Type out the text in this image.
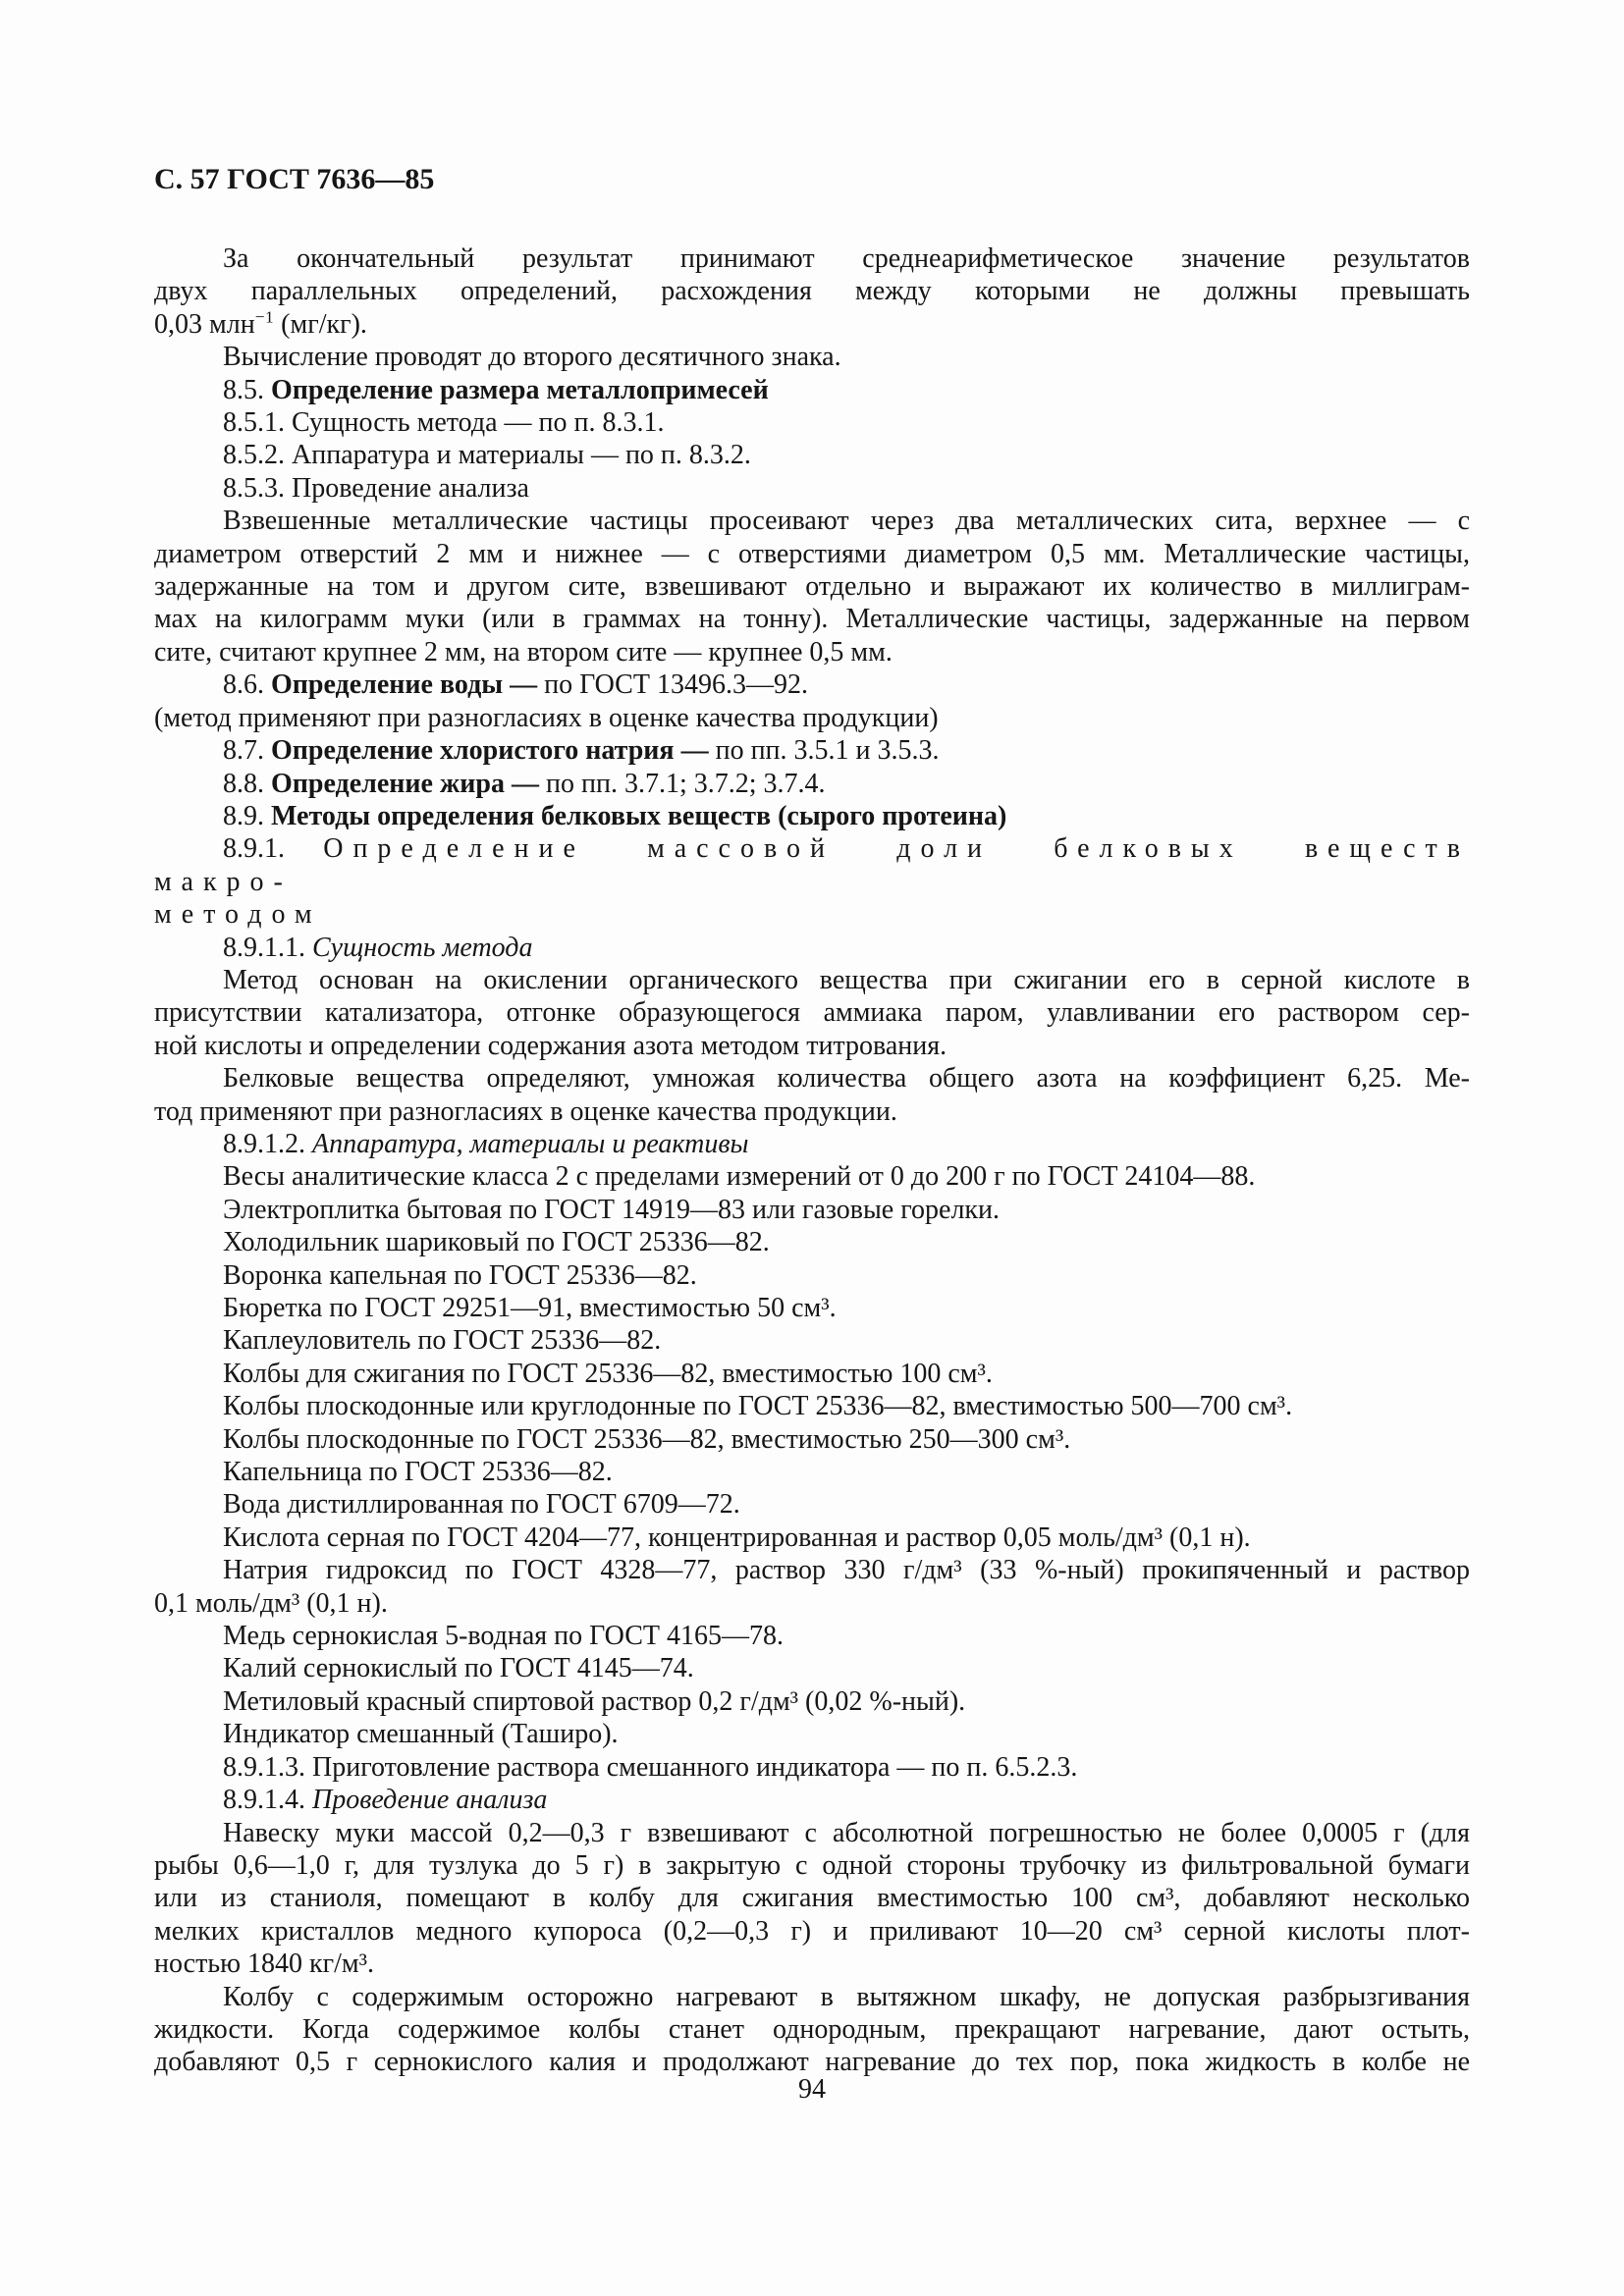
С. 57 ГОСТ 7636—85
За окончательный результат принимают среднеарифметическое значение результатов
двух параллельных определений, расхождения между которыми не должны превышать
0,03 млн$^{-1}$ (мг/кг).
Вычисление проводят до второго десятичного знака.
8.5. Определение размера металлопримесей
8.5.1. Сущность метода — по п. 8.3.1.
8.5.2. Аппаратура и материалы — по п. 8.3.2.
8.5.3. Проведение анализа
Взвешенные металлические частицы просеивают через два металлических сита, верхнее — с
диаметром отверстий 2 мм и нижнее — с отверстиями диаметром 0,5 мм. Металлические частицы,
задержанные на том и другом сите, взвешивают отдельно и выражают их количество в миллиграм-
мах на килограмм муки (или в граммах на тонну). Металлические частицы, задержанные на первом
сите, считают крупнее 2 мм, на втором сите — крупнее 0,5 мм.
8.6. Определение воды — по ГОСТ 13496.3—92.
(метод применяют при разногласиях в оценке качества продукции)
8.7. Определение хлористого натрия — по пп. 3.5.1 и 3.5.3.
8.8. Определение жира — по пп. 3.7.1; 3.7.2; 3.7.4.
8.9. Методы определения белковых веществ (сырого протеина)
8.9.1. Определение массовой доли белковых веществ макро-
методом
8.9.1.1. Сущность метода
Метод основан на окислении органического вещества при сжигании его в серной кислоте в
присутствии катализатора, отгонке образующегося аммиака паром, улавливании его раствором сер-
ной кислоты и определении содержания азота методом титрования.
Белковые вещества определяют, умножая количества общего азота на коэффициент 6,25. Ме-
тод применяют при разногласиях в оценке качества продукции.
8.9.1.2. Аппаратура, материалы и реактивы
Весы аналитические класса 2 с пределами измерений от 0 до 200 г по ГОСТ 24104—88.
Электроплитка бытовая по ГОСТ 14919—83 или газовые горелки.
Холодильник шариковый по ГОСТ 25336—82.
Воронка капельная по ГОСТ 25336—82.
Бюретка по ГОСТ 29251—91, вместимостью 50 см³.
Каплеуловитель по ГОСТ 25336—82.
Колбы для сжигания по ГОСТ 25336—82, вместимостью 100 см³.
Колбы плоскодонные или круглодонные по ГОСТ 25336—82, вместимостью 500—700 см³.
Колбы плоскодонные по ГОСТ 25336—82, вместимостью 250—300 см³.
Капельница по ГОСТ 25336—82.
Вода дистиллированная по ГОСТ 6709—72.
Кислота серная по ГОСТ 4204—77, концентрированная и раствор 0,05 моль/дм³ (0,1 н).
Натрия гидроксид по ГОСТ 4328—77, раствор 330 г/дм³ (33 %-ный) прокипяченный и раствор
0,1 моль/дм³ (0,1 н).
Медь сернокислая 5-водная по ГОСТ 4165—78.
Калий сернокислый по ГОСТ 4145—74.
Метиловый красный спиртовой раствор 0,2 г/дм³ (0,02 %-ный).
Индикатор смешанный (Таширо).
8.9.1.3. Приготовление раствора смешанного индикатора — по п. 6.5.2.3.
8.9.1.4. Проведение анализа
Навеску муки массой 0,2—0,3 г взвешивают с абсолютной погрешностью не более 0,0005 г (для
рыбы 0,6—1,0 г, для тузлука до 5 г) в закрытую с одной стороны трубочку из фильтровальной бумаги
или из станиоля, помещают в колбу для сжигания вместимостью 100 см³, добавляют несколько
мелких кристаллов медного купороса (0,2—0,3 г) и приливают 10—20 см³ серной кислоты плот-
ностью 1840 кг/м³.
Колбу с содержимым осторожно нагревают в вытяжном шкафу, не допуская разбрызгивания
жидкости. Когда содержимое колбы станет однородным, прекращают нагревание, дают остыть,
добавляют 0,5 г сернокислого калия и продолжают нагревание до тех пор, пока жидкость в колбе не
94
